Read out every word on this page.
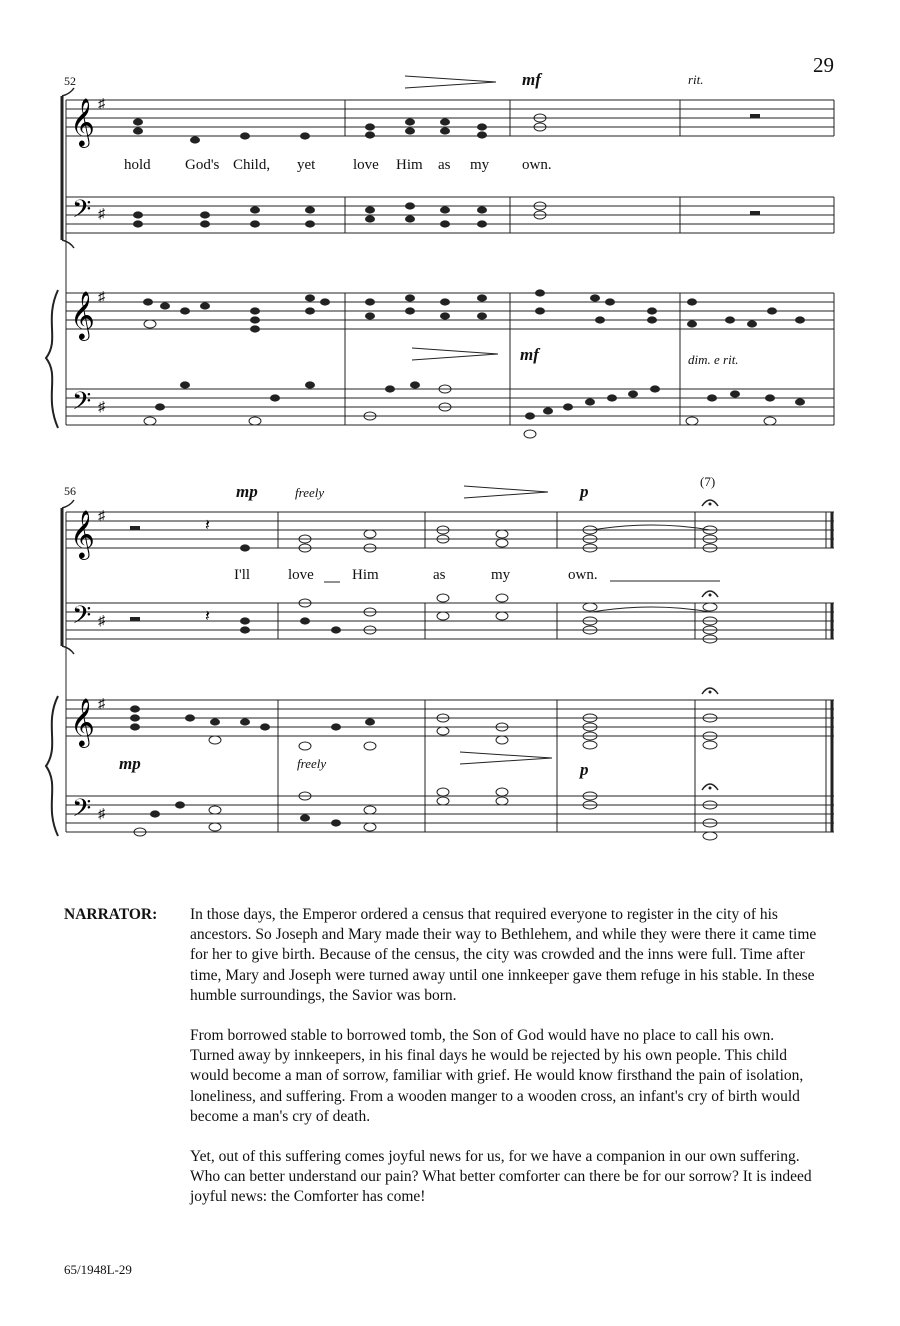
29
𝄞
𝄢
𝄞
𝄢
♯
♯
♯
♯
𝄞
𝄢
𝄞
𝄢
♯
♯
♯
♯
𝄽
𝄽
52	mf	rit.
mf	dim. e rit.
hold God's Child, yet	love Him as my own.
56	mp	freely	p
(7)
mp	freely	p
I'll	love	Him	as	my	own.
NARRATOR: In those days, the Emperor ordered a census that required everyone to register in the city of his ancestors. So Joseph and Mary made their way to Bethlehem, and while they were there it came time for her to give birth. Because of the census, the city was crowded and the inns were full. Time after time, Mary and Joseph were turned away until one innkeeper gave them refuge in his stable. In these humble surroundings, the Savior was born.

From borrowed stable to borrowed tomb, the Son of God would have no place to call his own. Turned away by innkeepers, in his final days he would be rejected by his own people. This child would become a man of sorrow, familiar with grief. He would know firsthand the pain of isolation, loneliness, and suffering. From a wooden manger to a wooden cross, an infant's cry of birth would become a man's cry of death.

Yet, out of this suffering comes joyful news for us, for we have a companion in our own suffering. Who can better understand our pain? What better comforter can there be for our sorrow? It is indeed joyful news: the Comforter has come!

65/1948L-29
